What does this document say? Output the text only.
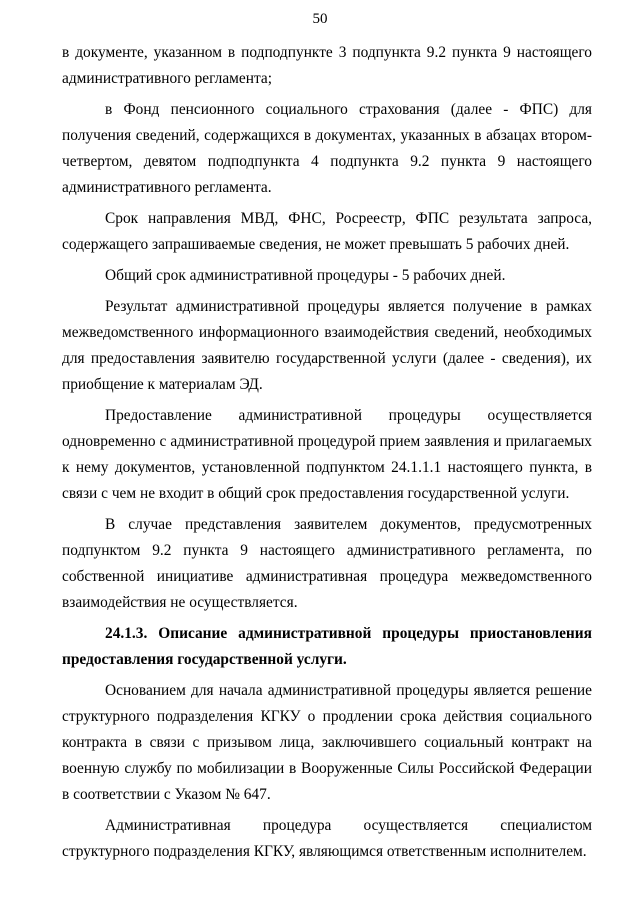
50

в документе, указанном в подподпункте 3 подпункта 9.2 пункта 9 настоящего административного регламента;

в Фонд пенсионного социального страхования (далее - ФПС) для получения сведений, содержащихся в документах, указанных в абзацах втором-четвертом, девятом подподпункта 4 подпункта 9.2 пункта 9 настоящего административного регламента.

Срок направления МВД, ФНС, Росреестр, ФПС результата запроса, содержащего запрашиваемые сведения, не может превышать 5 рабочих дней.

Общий срок административной процедуры - 5 рабочих дней.

Результат административной процедуры является получение в рамках межведомственного информационного взаимодействия сведений, необходимых для предоставления заявителю государственной услуги (далее - сведения), их приобщение к материалам ЭД.

Предоставление административной процедуры осуществляется одновременно с административной процедурой прием заявления и прилагаемых к нему документов, установленной подпунктом 24.1.1.1 настоящего пункта, в связи с чем не входит в общий срок предоставления государственной услуги.

В случае представления заявителем документов, предусмотренных подпунктом 9.2 пункта 9 настоящего административного регламента, по собственной инициативе административная процедура межведомственного взаимодействия не осуществляется.

24.1.3. Описание административной процедуры приостановления предоставления государственной услуги.

Основанием для начала административной процедуры является решение структурного подразделения КГКУ о продлении срока действия социального контракта в связи с призывом лица, заключившего социальный контракт на военную службу по мобилизации в Вооруженные Силы Российской Федерации в соответствии с Указом № 647.

Административная процедура осуществляется специалистом структурного подразделения КГКУ, являющимся ответственным исполнителем.
